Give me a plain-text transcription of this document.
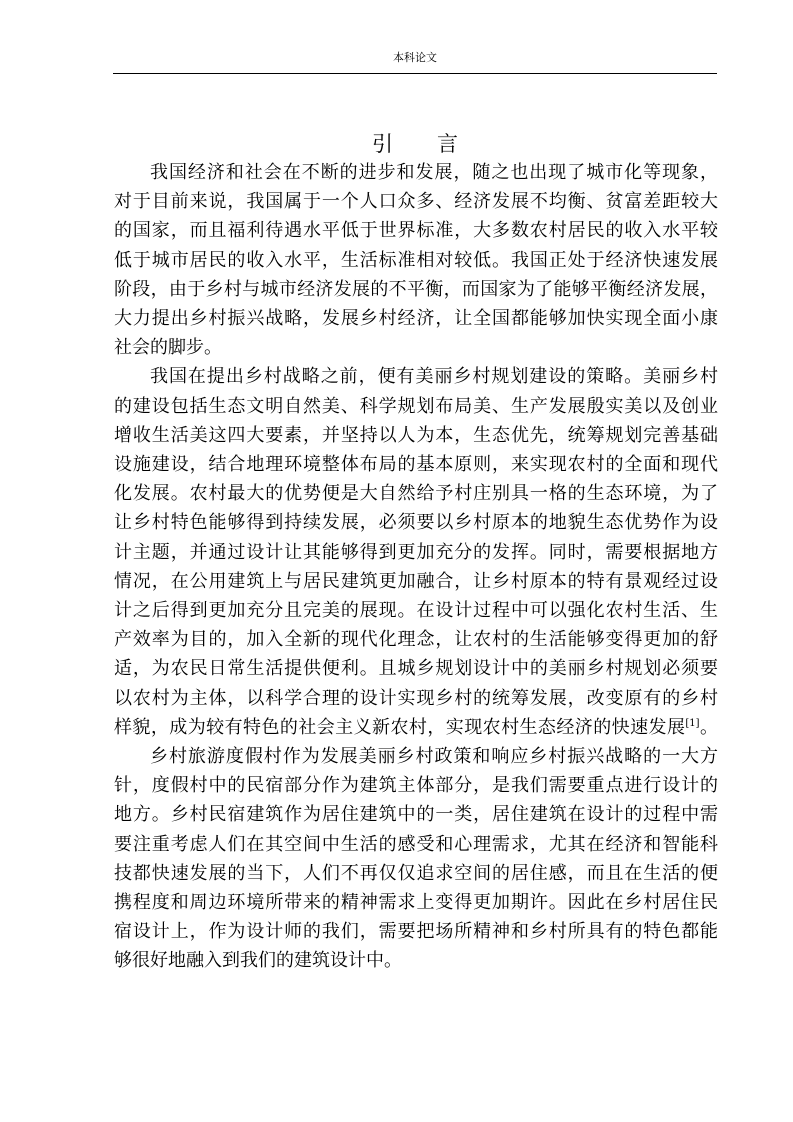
本科论文
引 言

我国经济和社会在不断的进步和发展，随之也出现了城市化等现象，
对于目前来说，我国属于一个人口众多、经济发展不均衡、贫富差距较大
的国家，而且福利待遇水平低于世界标准，大多数农村居民的收入水平较
低于城市居民的收入水平，生活标准相对较低。我国正处于经济快速发展
阶段，由于乡村与城市经济发展的不平衡，而国家为了能够平衡经济发展，
大力提出乡村振兴战略，发展乡村经济，让全国都能够加快实现全面小康
社会的脚步。

我国在提出乡村战略之前，便有美丽乡村规划建设的策略。美丽乡村
的建设包括生态文明自然美、科学规划布局美、生产发展殷实美以及创业
增收生活美这四大要素，并坚持以人为本，生态优先，统筹规划完善基础
设施建设，结合地理环境整体布局的基本原则，来实现农村的全面和现代
化发展。农村最大的优势便是大自然给予村庄别具一格的生态环境，为了
让乡村特色能够得到持续发展，必须要以乡村原本的地貌生态优势作为设
计主题，并通过设计让其能够得到更加充分的发挥。同时，需要根据地方
情况，在公用建筑上与居民建筑更加融合，让乡村原本的特有景观经过设
计之后得到更加充分且完美的展现。在设计过程中可以强化农村生活、生
产效率为目的，加入全新的现代化理念，让农村的生活能够变得更加的舒
适，为农民日常生活提供便利。且城乡规划设计中的美丽乡村规划必须要
以农村为主体，以科学合理的设计实现乡村的统筹发展，改变原有的乡村
样貌，成为较有特色的社会主义新农村，实现农村生态经济的快速发展[1]。

乡村旅游度假村作为发展美丽乡村政策和响应乡村振兴战略的一大方
针，度假村中的民宿部分作为建筑主体部分，是我们需要重点进行设计的
地方。乡村民宿建筑作为居住建筑中的一类，居住建筑在设计的过程中需
要注重考虑人们在其空间中生活的感受和心理需求，尤其在经济和智能科
技都快速发展的当下，人们不再仅仅追求空间的居住感，而且在生活的便
携程度和周边环境所带来的精神需求上变得更加期许。因此在乡村居住民
宿设计上，作为设计师的我们，需要把场所精神和乡村所具有的特色都能
够很好地融入到我们的建筑设计中。
